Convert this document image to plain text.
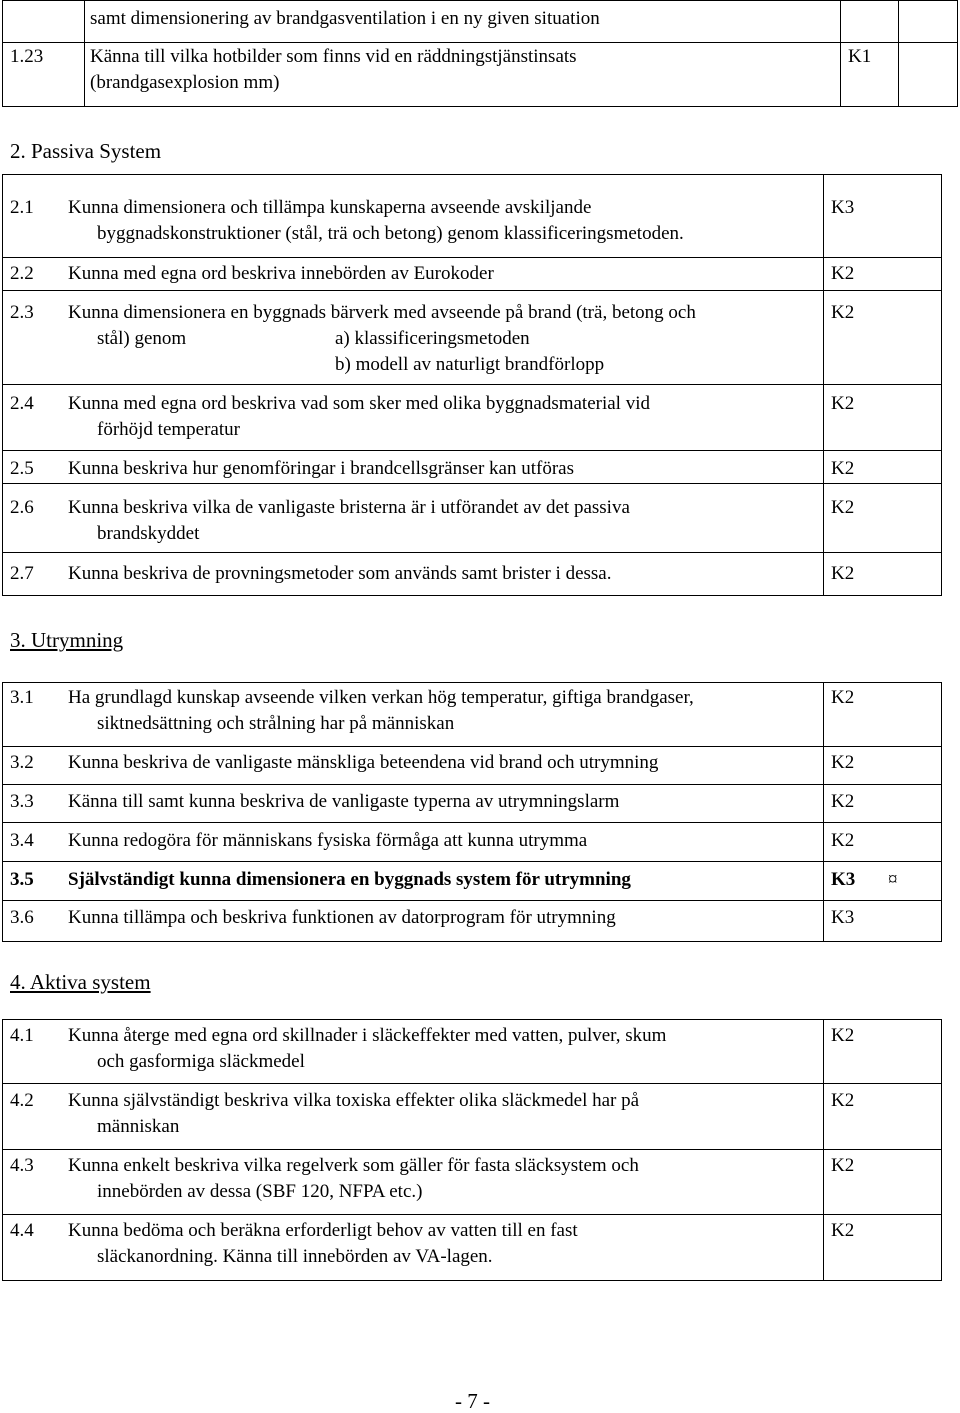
samt dimensionering av brandgasventilation i en ny given situation
1.23 Känna till vilka hotbilder som finns vid en räddningstjänstinsats
(brandgasexplosion mm)
K1
2. Passiva System
2.1 Kunna dimensionera och tillämpa kunskaperna avseende avskiljande
byggnadskonstruktioner (stål, trä och betong) genom klassificeringsmetoden.
K3
2.2 Kunna med egna ord beskriva innebörden av Eurokoder	K2
2.3 Kunna dimensionera en byggnads bärverk med avseende på brand (trä, betong och
stål) genom	a) klassificeringsmetoden
b) modell av naturligt brandförlopp
K2
2.4 Kunna med egna ord beskriva vad som sker med olika byggnadsmaterial vid
förhöjd temperatur
K2
2.5 Kunna beskriva hur genomföringar i brandcellsgränser kan utföras	K2
2.6 Kunna beskriva vilka de vanligaste bristerna är i utförandet av det passiva
brandskyddet
K2
2.7 Kunna beskriva de provningsmetoder som används samt brister i dessa.	K2
3. Utrymning
3.1 Ha grundlagd kunskap avseende vilken verkan hög temperatur, giftiga brandgaser,
siktnedsättning och strålning har på människan
K2
3.2 Kunna beskriva de vanligaste mänskliga beteendena vid brand och utrymning	K2
3.3 Känna till samt kunna beskriva de vanligaste typerna av utrymningslarm	K2
3.4 Kunna redogöra för människans fysiska förmåga att kunna utrymma	K2
3.5 Självständigt kunna dimensionera en byggnads system för utrymning	K3 ¤
3.6 Kunna tillämpa och beskriva funktionen av datorprogram för utrymning	K3
4. Aktiva system
4.1 Kunna återge med egna ord skillnader i släckeffekter med vatten, pulver, skum
och gasformiga släckmedel
K2
4.2 Kunna självständigt beskriva vilka toxiska effekter olika släckmedel har på
människan
K2
4.3 Kunna enkelt beskriva vilka regelverk som gäller för fasta släcksystem och
innebörden av dessa (SBF 120, NFPA etc.)
K2
4.4 Kunna bedöma och beräkna erforderligt behov av vatten till en fast
släckanordning. Känna till innebörden av VA-lagen.
K2
- 7 -
